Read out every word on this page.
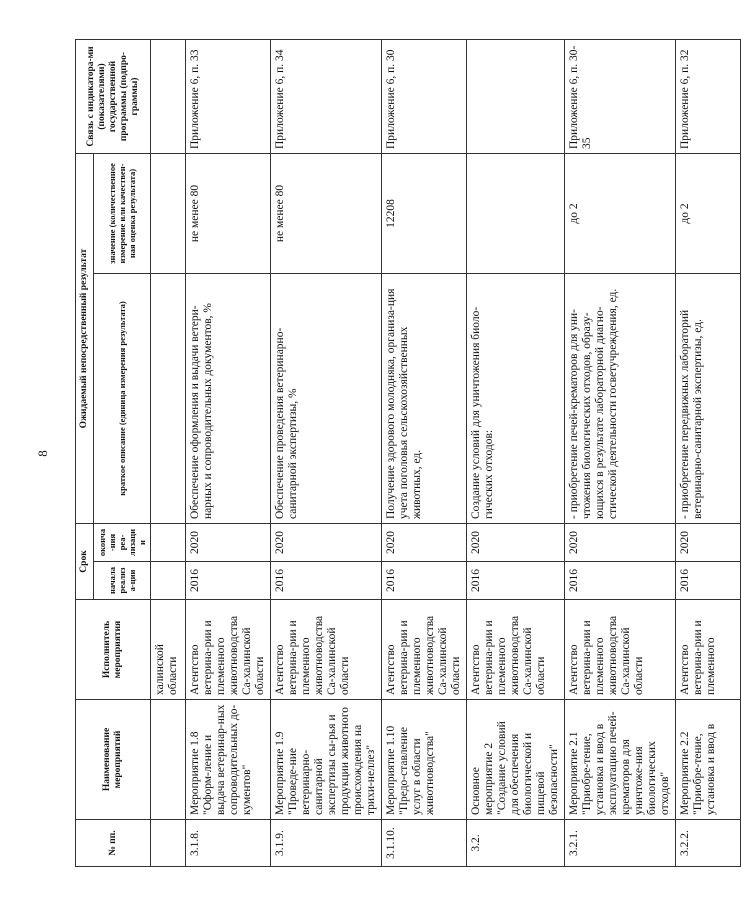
8
№ пп.	Наименование мероприятий	Исполнитель мероприятия	Срок		Ожидаемый непосредственный результат		Связь с индикатора-ми (показателями) государственной программы (подпро-граммы)
			начала реализа-ции	оконча-ния реа-лизации	краткое описание (единица измерения результата)	значение (количественное измерение или качествен-ная оценка результата)	
		халинской области					
3.1.8.	Мероприятие 1.8 "Оформ-ление и выдача ветеринар-ных сопроводительных до-кументов"	Агентство ветерина-рии и племенного животноводства Са-халинской области	2016	2020	Обеспечение оформления и выдачи ветери-нарных и сопроводительных документов, %	не менее 80	Приложение 6, п. 33
3.1.9.	Мероприятие 1.9 "Проведе-ние ветеринарно-санитарной экспертизы сы-рья и продукции животного происхождения на трихи-неллез"	Агентство ветерина-рии и племенного животноводства Са-халинской области	2016	2020	Обеспечение проведения ветеринарно-санитарной экспертизы, %	не менее 80	Приложение 6, п. 34
3.1.10.	Мероприятие 1.10 "Предо-ставление услуг в области животноводства"	Агентство ветерина-рии и племенного животноводства Са-халинской области	2016	2020	Получение здорового молодняка, организа-ция учета поголовья сельскохозяйственных животных, ед.	12208	Приложение 6, п. 30
3.2.	Основное мероприятие 2 "Создание условий для обеспечения биологической и пищевой безопасности"	Агентство ветерина-рии и племенного животноводства Са-халинской области	2016	2020	Создание условий для уничтожения биоло-гических отходов:		
3.2.1.	Мероприятие 2.1 "Приобре-тение, установка и ввод в эксплуатацию печей-крематоров для уничтоже-ния биологических отходов"	Агентство ветерина-рии и племенного животноводства Са-халинской области	2016	2020	- приобретение печей-крематоров для уни-чтожения биологических отходов, образу-ющихся в результате лабораторной диагно-стической деятельности госветучреждения, ед.	до 2	Приложение 6, п. 30-35
3.2.2.	Мероприятие 2.2 "Приобре-тение, установка и ввод в	Агентство ветерина-рии и племенного	2016	2020	- приобретение передвижных лабораторий ветеринарно-санитарной экспертизы, ед.	до 2	Приложение 6, п. 32
